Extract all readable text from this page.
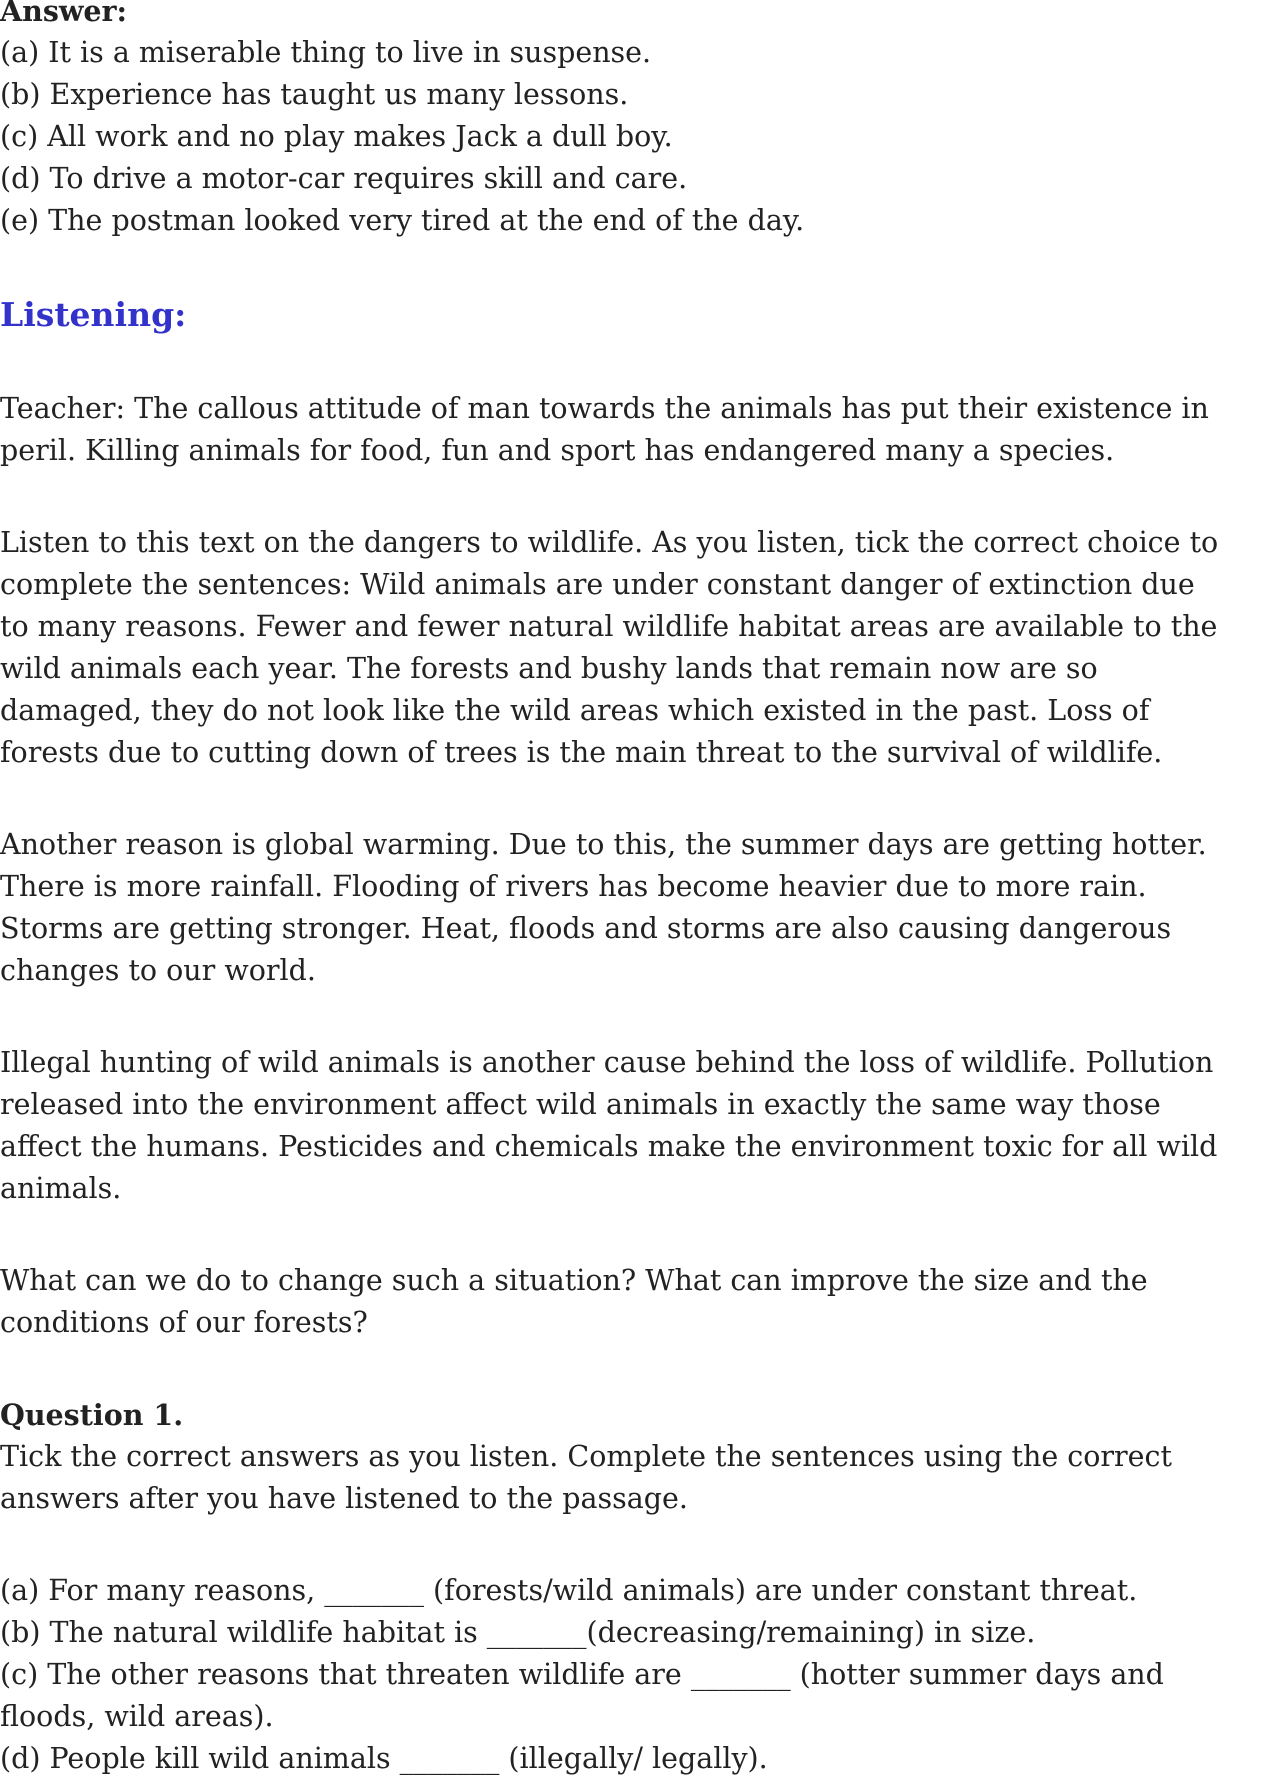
Answer:

(a) It is a miserable thing to live in suspense.

(b) Experience has taught us many lessons.

(c) All work and no play makes Jack a dull boy.

(d) To drive a motor-car requires skill and care.

(e) The postman looked very tired at the end of the day.

Listening:

Teacher: The callous attitude of man towards the animals has put their existence in

peril. Killing animals for food, fun and sport has endangered many a species.

Listen to this text on the dangers to wildlife. As you listen, tick the correct choice to

complete the sentences: Wild animals are under constant danger of extinction due

to many reasons. Fewer and fewer natural wildlife habitat areas are available to the

wild animals each year. The forests and bushy lands that remain now are so

damaged, they do not look like the wild areas which existed in the past. Loss of

forests due to cutting down of trees is the main threat to the survival of wildlife.

Another reason is global warming. Due to this, the summer days are getting hotter.

There is more rainfall. Flooding of rivers has become heavier due to more rain.

Storms are getting stronger. Heat, floods and storms are also causing dangerous

changes to our world.

Illegal hunting of wild animals is another cause behind the loss of wildlife. Pollution

released into the environment affect wild animals in exactly the same way those

affect the humans. Pesticides and chemicals make the environment toxic for all wild

animals.

What can we do to change such a situation? What can improve the size and the

conditions of our forests?

Question 1.

Tick the correct answers as you listen. Complete the sentences using the correct

answers after you have listened to the passage.

(a) For many reasons, _______ (forests/wild animals) are under constant threat.

(b) The natural wildlife habitat is _______(decreasing/remaining) in size.

(c) The other reasons that threaten wildlife are _______ (hotter summer days and

floods, wild areas).

(d) People kill wild animals _______ (illegally/ legally).
